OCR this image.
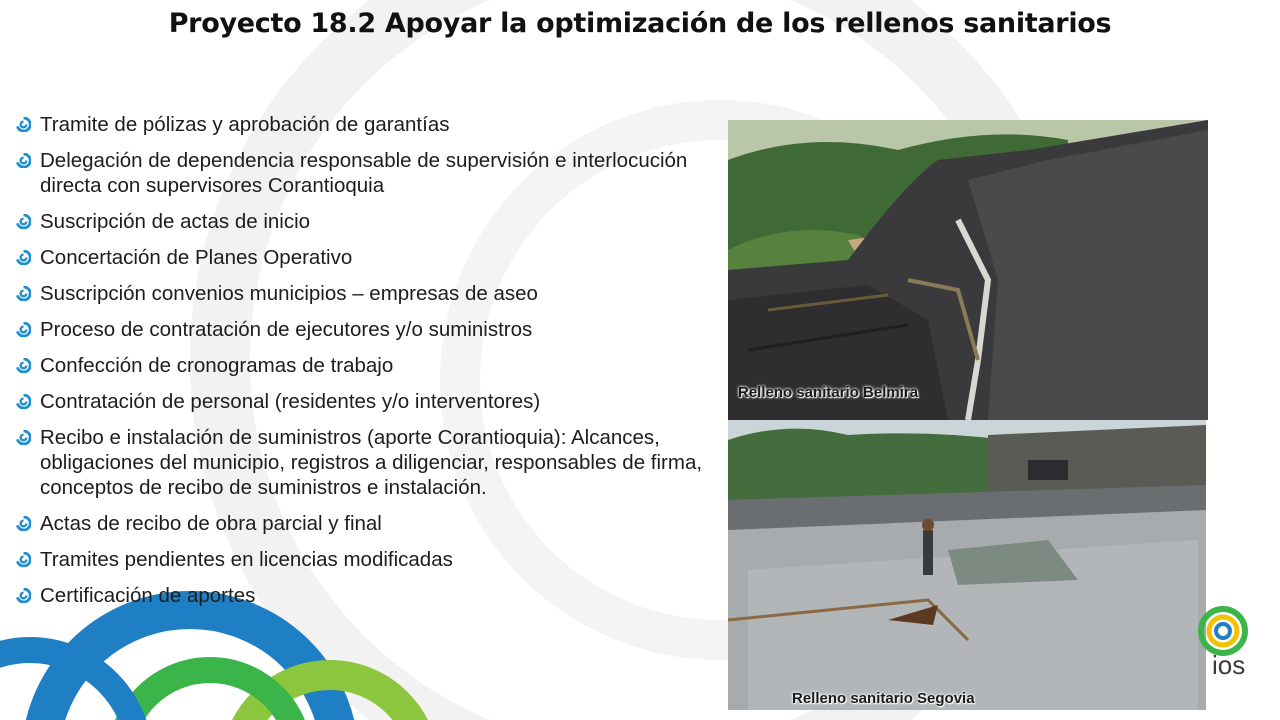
Proyecto 18.2 Apoyar la optimización de los rellenos sanitarios
Tramite de pólizas y aprobación de garantías
Delegación de dependencia responsable de supervisión e interlocución directa con supervisores Corantioquia
Suscripción de actas de inicio
Concertación de Planes Operativo
Suscripción convenios municipios – empresas de aseo
Proceso de contratación de ejecutores y/o suministros
Confección de cronogramas de trabajo
Contratación de personal (residentes y/o interventores)
Recibo e instalación de suministros (aporte Corantioquia): Alcances, obligaciones del municipio, registros a diligenciar, responsables de firma, conceptos de recibo de suministros e instalación.
Actas de recibo de obra parcial y final
Tramites pendientes en licencias modificadas
Certificación de aportes
Relleno sanitario Belmira
Relleno sanitario Segovia
ios
